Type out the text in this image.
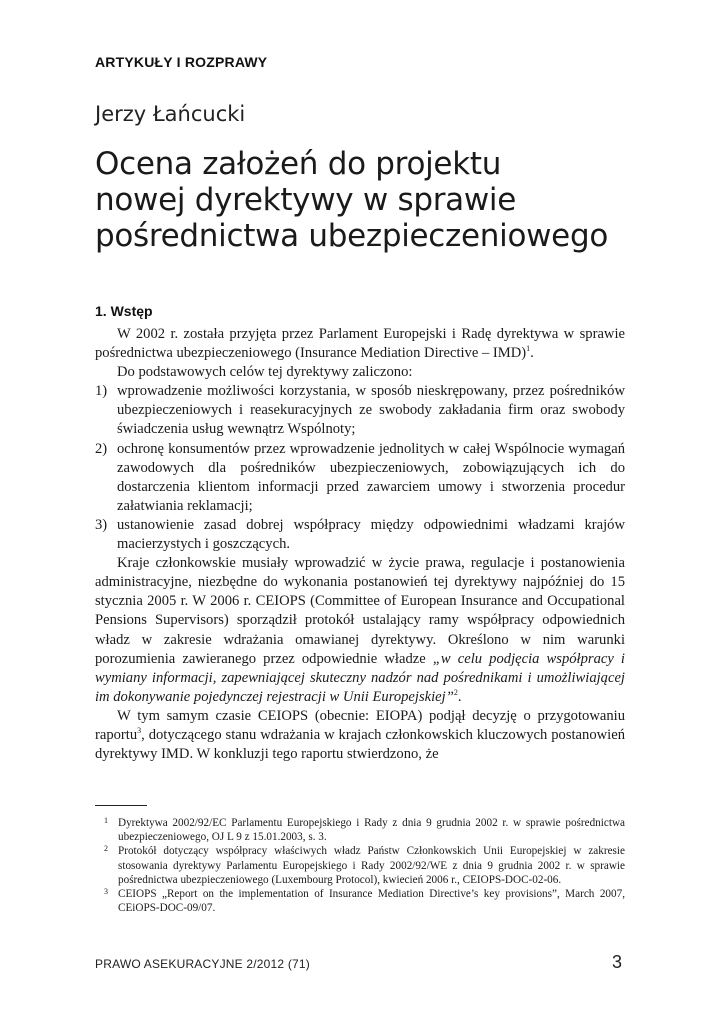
ARTYKUŁY I ROZPRAWY
Jerzy Łańcucki
Ocena założeń do projektu
nowej dyrektywy w sprawie
pośrednictwa ubezpieczeniowego
1. Wstęp

W 2002 r. została przyjęta przez Parlament Europejski i Radę dyrektywa w sprawie pośrednictwa ubezpieczeniowego (Insurance Mediation Directive – IMD)$^1$.

Do podstawowych celów tej dyrektywy zaliczono:

1) wprowadzenie możliwości korzystania, w sposób nieskrępowany, przez pośredników ubezpieczeniowych i reasekuracyjnych ze swobody zakładania firm oraz swobody świadczenia usług wewnątrz Wspólnoty;
2) ochronę konsumentów przez wprowadzenie jednolitych w całej Wspólnocie wymagań zawodowych dla pośredników ubezpieczeniowych, zobowiązujących ich do dostarczenia klientom informacji przed zawarciem umowy i stworzenia procedur załatwiania reklamacji;
3) ustanowienie zasad dobrej współpracy między odpowiednimi władzami krajów macierzystych i goszczących.

Kraje członkowskie musiały wprowadzić w życie prawa, regulacje i postanowienia administracyjne, niezbędne do wykonania postanowień tej dyrektywy najpóźniej do 15 stycznia 2005 r. W 2006 r. CEIOPS (Committee of European Insurance and Occupational Pensions Supervisors) sporządził protokół ustalający ramy współpracy odpowiednich władz w zakresie wdrażania omawianej dyrektywy. Określono w nim warunki porozumienia zawieranego przez odpowiednie władze „w celu podjęcia współpracy i wymiany informacji, zapewniającej skuteczny nadzór nad pośrednikami i umożliwiającej im dokonywanie pojedynczej rejestracji w Unii Europejskiej”$^2$.

W tym samym czasie CEIOPS (obecnie: EIOPA) podjął decyzję o przygotowaniu raportu$^3$, dotyczącego stanu wdrażania w krajach członkowskich kluczowych postanowień dyrektywy IMD. W konkluzji tego raportu stwierdzono, że

1 Dyrektywa 2002/92/EC Parlamentu Europejskiego i Rady z dnia 9 grudnia 2002 r. w sprawie pośrednictwa ubezpieczeniowego, OJ L 9 z 15.01.2003, s. 3.

2 Protokół dotyczący współpracy właściwych władz Państw Członkowskich Unii Europejskiej w zakresie stosowania dyrektywy Parlamentu Europejskiego i Rady 2002/92/WE z dnia 9 grudnia 2002 r. w sprawie pośrednictwa ubezpieczeniowego (Luxembourg Protocol), kwiecień 2006 r., CEIOPS-DOC-02-06.

3 CEIOPS „Report on the implementation of Insurance Mediation Directive’s key provisions”, March 2007, CEiOPS-DOC-09/07.

PRAWO ASEKURACYJNE 2/2012 (71)	3
